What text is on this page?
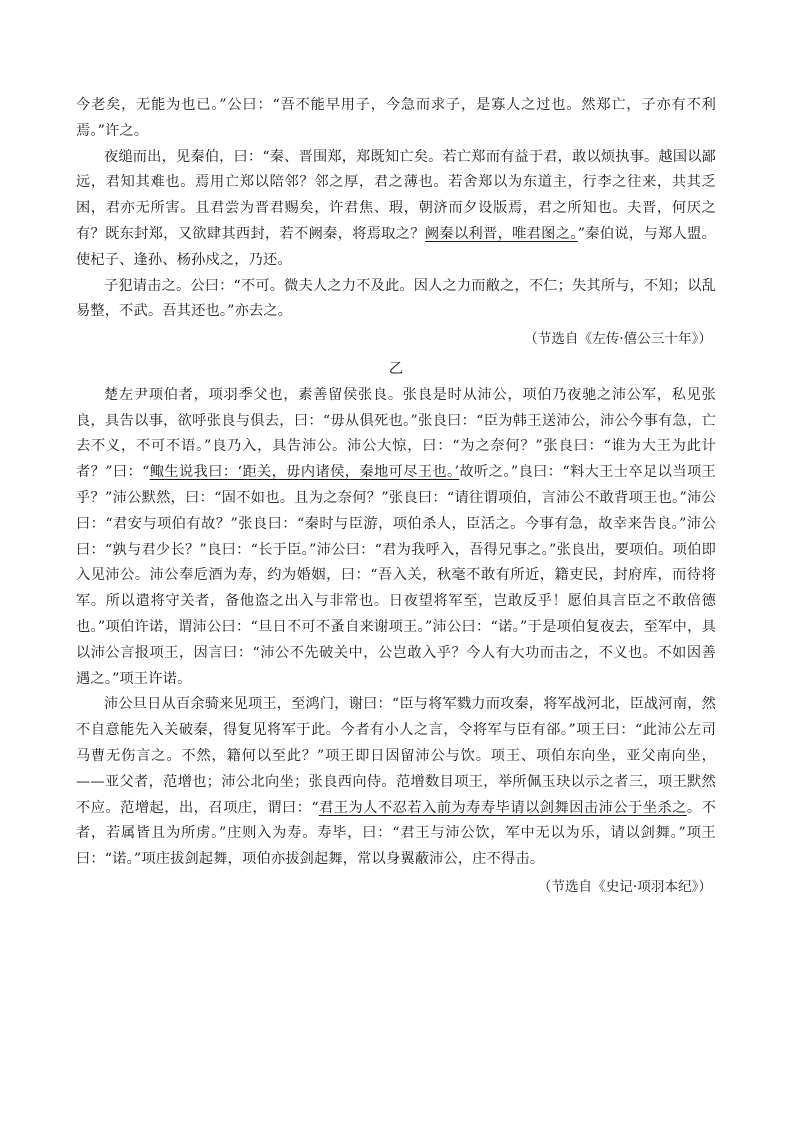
今老矣，无能为也已。”公曰：“吾不能早用子，今急而求子，是寡人之过也。然郑亡，子亦有不利焉。”许之。

夜缒而出，见秦伯，曰：“秦、晋围郑，郑既知亡矣。若亡郑而有益于君，敢以烦执事。越国以鄙远，君知其难也。焉用亡郑以陪邻？邻之厚，君之薄也。若舍郑以为东道主，行李之往来，共其乏困，君亦无所害。且君尝为晋君赐矣，许君焦、瑕，朝济而夕设版焉，君之所知也。夫晋，何厌之有？既东封郑，又欲肆其西封，若不阙秦，将焉取之？阙秦以利晋，唯君图之。”秦伯说，与郑人盟。使杞子、逢孙、杨孙戍之，乃还。

子犯请击之。公曰：“不可。微夫人之力不及此。因人之力而敝之，不仁；失其所与，不知；以乱易整，不武。吾其还也。”亦去之。

（节选自《左传·僖公三十年》）

乙

楚左尹项伯者，项羽季父也，素善留侯张良。张良是时从沛公，项伯乃夜驰之沛公军，私见张良，具告以事，欲呼张良与俱去，曰：“毋从俱死也。”张良曰：“臣为韩王送沛公，沛公今事有急，亡去不义，不可不语。”良乃入，具告沛公。沛公大惊，曰：“为之奈何？”张良曰：“谁为大王为此计者？”曰：“鲰生说我曰：‘距关，毋内诸侯，秦地可尽王也。’故听之。”良曰：“料大王士卒足以当项王乎？”沛公默然，曰：“固不如也。且为之奈何？”张良曰：“请往谓项伯，言沛公不敢背项王也。”沛公曰：“君安与项伯有故？”张良曰：“秦时与臣游，项伯杀人，臣活之。今事有急，故幸来告良。”沛公曰：“孰与君少长？”良曰：“长于臣。”沛公曰：“君为我呼入，吾得兄事之。”张良出，要项伯。项伯即入见沛公。沛公奉卮酒为寿，约为婚姻，曰：“吾入关，秋毫不敢有所近，籍吏民，封府库，而待将军。所以遣将守关者，备他盗之出入与非常也。日夜望将军至，岂敢反乎！愿伯具言臣之不敢倍德也。”项伯许诺，谓沛公曰：“旦日不可不蚤自来谢项王。”沛公曰：“诺。”于是项伯复夜去，至军中，具以沛公言报项王，因言曰：“沛公不先破关中，公岂敢入乎？今人有大功而击之，不义也。不如因善遇之。”项王许诺。

沛公旦日从百余骑来见项王，至鸿门，谢曰：“臣与将军戮力而攻秦，将军战河北，臣战河南，然不自意能先入关破秦，得复见将军于此。今者有小人之言，令将军与臣有郤。”项王曰：“此沛公左司马曹无伤言之。不然，籍何以至此？”项王即日因留沛公与饮。项王、项伯东向坐，亚父南向坐，——亚父者，范增也；沛公北向坐；张良西向侍。范增数目项王，举所佩玉玦以示之者三，项王默然不应。范增起，出，召项庄，谓曰：“君王为人不忍若入前为寿寿毕请以剑舞因击沛公于坐杀之。不者，若属皆且为所虏。”庄则入为寿。寿毕，曰：“君王与沛公饮，军中无以为乐，请以剑舞。”项王曰：“诺。”项庄拔剑起舞，项伯亦拔剑起舞，常以身翼蔽沛公，庄不得击。

（节选自《史记·项羽本纪》）
